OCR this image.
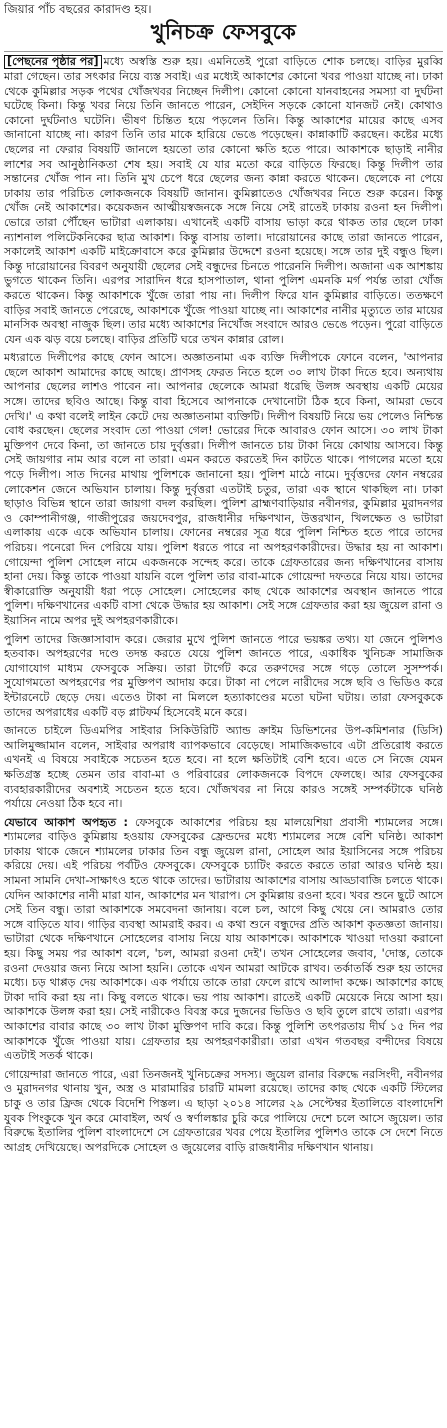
জিয়ার পাঁচ বছরের কারাদণ্ড হয়।
খুনিচক্র ফেসবুকে

[পেছনের পৃষ্ঠার পর] মধ্যে অস্বস্তি শুরু হয়। এমনিতেই পুরো বাড়িতে শোক চলছে। বাড়ির মুরব্বি মারা গেছেন। তার সৎকার নিয়ে ব্যস্ত সবাই। এর মধ্যেই আকাশের কোনো খবর পাওয়া যাচ্ছে না। ঢাকা থেকে কুমিল্লার সড়ক পথের খোঁজখবর নিচ্ছেন দিলীপ। কোনো কোনো যানবাহনের সমস্যা বা দুর্ঘটনা ঘটেছে কিনা। কিন্তু খবর নিয়ে তিনি জানতে পারেন, সেইদিন সড়কে কোনো যানজট নেই। কোথাও কোনো দুর্ঘটনাও ঘটেনি। ভীষণ চিন্তিত হয়ে পড়লেন তিনি। কিন্তু আকাশের মায়ের কাছে এসব জানানো যাচ্ছে না। কারণ তিনি তার মাকে হারিয়ে ভেঙে পড়েছেন। কান্নাকাটি করছেন। কষ্টের মধ্যে ছেলের না ফেরার বিষয়টি জানলে হয়তো তার কোনো ক্ষতি হতে পারে। আকাশকে ছাড়াই নানীর লাশের সব আনুষ্ঠানিকতা শেষ হয়। সবাই যে যার মতো করে বাড়িতে ফিরছে। কিন্তু দিলীপ তার সন্তানের খোঁজ পান না। তিনি মুখ চেপে ধরে ছেলের জন্য কান্না করতে থাকেন। ছেলেকে না পেয়ে ঢাকায় তার পরিচিত লোকজনকে বিষয়টি জানান। কুমিল্লাতেও খোঁজখবর নিতে শুরু করেন। কিন্তু খোঁজ নেই আকাশের। কয়েকজন আত্মীয়স্বজনকে সঙ্গে নিয়ে সেই রাতেই ঢাকায় রওনা হন দিলীপ। ভোরে তারা পৌঁছেন ভাটারা এলাকায়। এখানেই একটি বাসায় ভাড়া করে থাকত তার ছেলে ঢাকা ন্যাশনাল পলিটেকনিকের ছাত্র আকাশ। কিন্তু বাসায় তালা। দারোয়ানের কাছে তারা জানতে পারেন, সকালেই আকাশ একটি মাইক্রোবাসে করে কুমিল্লার উদ্দেশে রওনা হয়েছে। সঙ্গে তার দুই বন্ধুও ছিল। কিন্তু দারোয়ানের বিবরণ অনুযায়ী ছেলের সেই বন্ধুদের চিনতে পারেননি দিলীপ। অজানা এক আশঙ্কায় ভুগতে থাকেন তিনি। এরপর সারাদিন ধরে হাসপাতাল, থানা পুলিশ এমনকি মর্গ পর্যন্ত তারা খোঁজ করতে থাকেন। কিন্তু আকাশকে খুঁজে তারা পায় না। দিলীপ ফিরে যান কুমিল্লার বাড়িতে। ততক্ষণে বাড়ির সবাই জানতে পেরেছে, আকাশকে খুঁজে পাওয়া যাচ্ছে না। আকাশের নানীর মৃত্যুতে তার মায়ের মানসিক অবস্থা নাজুক ছিল। তার মধ্যে আকাশের নিখোঁজ সংবাদে আরও ভেঙে পড়েন। পুরো বাড়িতে যেন এক ঝড় বয়ে চলছে। বাড়ির প্রতিটি ঘরে তখন কান্নার রোল।

মধ্যরাতে দিলীপের কাছে ফোন আসে। অজ্ঞাতনামা এক ব্যক্তি দিলীপকে ফোনে বলেন, 'আপনার ছেলে আকাশ আমাদের কাছে আছে। প্রাণসহ ফেরত নিতে হলে ৩০ লাখ টাকা দিতে হবে। অন্যথায় আপনার ছেলের লাশও পাবেন না। আপনার ছেলেকে আমরা ধরেছি উলঙ্গ অবস্থায় একটি মেয়ের সঙ্গে। তাদের ছবিও আছে। কিন্তু বাবা হিসেবে আপনাকে দেখানোটা ঠিক হবে কিনা, আমরা ভেবে দেখি।' এ কথা বলেই লাইন কেটে দেয় অজ্ঞাতনামা ব্যক্তিটি। দিলীপ বিষয়টি নিয়ে ভয় পেলেও নিশ্চিন্ত বোধ করছেন। ছেলের সংবাদ তো পাওয়া গেল! ভোরের দিকে আবারও ফোন আসে। ৩০ লাখ টাকা মুক্তিপণ দেবে কিনা, তা জানতে চায় দুর্বৃত্তরা। দিলীপ জানতে চায় টাকা নিয়ে কোথায় আসবে। কিন্তু সেই জায়গার নাম আর বলে না তারা। এমন করতে করতেই দিন কাটতে থাকে। পাগলের মতো হয়ে পড়ে দিলীপ। সাত দিনের মাথায় পুলিশকে জানানো হয়। পুলিশ মাঠে নামে। দুর্বৃত্তদের ফোন নম্বরের লোকেশন জেনে অভিযান চালায়। কিন্তু দুর্বৃত্তরা এতটাই চতুর, তারা এক স্থানে থাকছিল না। ঢাকা ছাড়াও বিভিন্ন স্থানে তারা জায়গা বদল করছিল। পুলিশ ব্রাহ্মণবাড়িয়ার নবীনগর, কুমিল্লার মুরাদনগর ও কোম্পানীগঞ্জ, গাজীপুরের জয়দেবপুর, রাজধানীর দক্ষিণখান, উত্তরখান, খিলক্ষেত ও ভাটারা এলাকায় একে একে অভিযান চালায়। ফোনের নম্বরের সূত্র ধরে পুলিশ নিশ্চিত হতে পারে তাদের পরিচয়। পনেরো দিন পেরিয়ে যায়। পুলিশ ধরতে পারে না অপহরণকারীদের। উদ্ধার হয় না আকাশ। গোয়েন্দা পুলিশ সোহেল নামে একজনকে সন্দেহ করে। তাকে গ্রেফতারের জন্য দক্ষিণখানের বাসায় হানা দেয়। কিন্তু তাকে পাওয়া যায়নি বলে পুলিশ তার বাবা-মাকে গোয়েন্দা দফতরে নিয়ে যায়। তাদের স্বীকারোক্তি অনুযায়ী ধরা পড়ে সোহেল। সোহেলের কাছ থেকে আকাশের অবস্থান জানতে পারে পুলিশ। দক্ষিণখানের একটি বাসা থেকে উদ্ধার হয় আকাশ। সেই সঙ্গে গ্রেফতার করা হয় জুয়েল রানা ও ইয়াসিন নামে অপর দুই অপহরণকারীকে।

পুলিশ তাদের জিজ্ঞাসাবাদ করে। জেরার মুখে পুলিশ জানতে পারে ভয়ঙ্কর তথ্য। যা জেনে পুলিশও হতবাক। অপহরণের দণ্ডে তদন্ত করতে যেয়ে পুলিশ জানতে পারে, একাধিক খুনিচক্র সামাজিক যোগাযোগ মাধ্যম ফেসবুকে সক্রিয়। তারা টার্গেট করে তরুণদের সঙ্গে গড়ে তোলে সুসম্পর্ক। সুযোগমতো অপহরণের পর মুক্তিপণ আদায় করে। টাকা না পেলে নারীদের সঙ্গে ছবি ও ভিডিও করে ইন্টারনেটে ছেড়ে দেয়। এতেও টাকা না মিললে হত্যাকাণ্ডের মতো ঘটনা ঘটায়। তারা ফেসবুককে তাদের অপরাধের একটি বড় প্লাটফর্ম হিসেবেই মনে করে।

জানতে চাইলে ডিএমপির সাইবার সিকিউরিটি অ্যান্ড ক্রাইম ডিভিশনের উপ-কমিশনার (ডিসি) আলিমুজ্জামান বলেন, সাইবার অপরাধ ব্যাপকভাবে বেড়েছে। সামাজিকভাবে এটা প্রতিরোধ করতে এখনই এ বিষয়ে সবাইকে সচেতন হতে হবে। না হলে ক্ষতিটাই বেশি হবে। এতে সে নিজে যেমন ক্ষতিগ্রস্ত হচ্ছে তেমন তার বাবা-মা ও পরিবারের লোকজনকে বিপদে ফেলছে। আর ফেসবুকের ব্যবহারকারীদের অবশ্যই সচেতন হতে হবে। খোঁজখবর না নিয়ে কারও সঙ্গেই সম্পর্কটাকে ঘনিষ্ঠ পর্যায়ে নেওয়া ঠিক হবে না।

যেভাবে আকাশ অপহৃত : ফেসবুকে আকাশের পরিচয় হয় মালয়েশিয়া প্রবাসী শ্যামলের সঙ্গে। শ্যামলের বাড়িও কুমিল্লায় হওয়ায় ফেসবুকের ফ্রেন্ডদের মধ্যে শ্যামলের সঙ্গে বেশি ঘনিষ্ঠ। আকাশ ঢাকায় থাকে জেনে শ্যামলের ঢাকার তিন বন্ধু জুয়েল রানা, সোহেল আর ইয়াসিনের সঙ্গে পরিচয় করিয়ে দেয়। এই পরিচয় পর্বটিও ফেসবুকে। ফেসবুকে চ্যাটিং করতে করতে তারা আরও ঘনিষ্ঠ হয়। সামনা সামনি দেখা-সাক্ষাৎও হতে থাকে তাদের। ভাটারায় আকাশের বাসায় আড্ডাবাজি চলতে থাকে। যেদিন আকাশের নানী মারা যান, আকাশের মন খারাপ। সে কুমিল্লায় রওনা হবে। খবর শুনে ছুটে আসে সেই তিন বন্ধু। তারা আকাশকে সমবেদনা জানায়। বলে চল, আগে কিছু খেয়ে নে। আমরাও তোর সঙ্গে বাড়িতে যাব। গাড়ির ব্যবস্থা আমরাই করব। এ কথা শুনে বন্ধুদের প্রতি আকাশ কৃতজ্ঞতা জানায়। ভাটারা থেকে দক্ষিণখানে সোহেলের বাসায় নিয়ে যায় আকাশকে। আকাশকে খাওয়া দাওয়া করানো হয়। কিছু সময় পর আকাশ বলে, 'চল, আমরা রওনা দেই'। তখন সোহেলের জবাব, 'দোস্ত, তোকে রওনা দেওয়ার জন্য নিয়ে আসা হয়নি। তোকে এখন আমরা আটকে রাখব। তর্কাতর্কি শুরু হয় তাদের মধ্যে। চড় থাপ্পড় দেয় আকাশকে। এক পর্যায়ে তাকে তারা ফেলে রাখে আলাদা কক্ষে। আকাশের কাছে টাকা দাবি করা হয় না। কিছু বলতে থাকে। ভয় পায় আকাশ। রাতেই একটি মেয়েকে নিয়ে আসা হয়। আকাশকে উলঙ্গ করা হয়। সেই নারীকেও বিবস্ত্র করে দুজনের ভিডিও ও ছবি তুলে রাখে তারা। এরপর আকাশের বাবার কাছে ৩০ লাখ টাকা মুক্তিপণ দাবি করে। কিন্তু পুলিশি তৎপরতায় দীর্ঘ ১৫ দিন পর আকাশকে খুঁজে পাওয়া যায়। গ্রেফতার হয় অপহরণকারীরা। তারা এখন গতবছর বন্দীদের বিষয়ে এতটাই সতর্ক থাকে।

গোয়েন্দারা জানতে পারে, এরা তিনজনই খুনিচক্রের সদস্য। জুয়েল রানার বিরুদ্ধে নরসিংদী, নবীনগর ও মুরাদনগর থানায় খুন, অস্ত্র ও মারামারির চারটি মামলা রয়েছে। তাদের কাছ থেকে একটি স্টিলের চাকু ও তার ফ্রিজ থেকে বিদেশি পিস্তল। এ ছাড়া ২০১৪ সালের ২৯ সেপ্টেম্বর ইতালিতে বাংলাদেশি যুবক পিংকুকে খুন করে মোবাইল, অর্থ ও স্বর্ণালঙ্কার চুরি করে পালিয়ে দেশে চলে আসে জুয়েল। তার বিরুদ্ধে ইতালির পুলিশ বাংলাদেশে সে গ্রেফতারের খবর পেয়ে ইতালির পুলিশও তাকে সে দেশে নিতে আগ্রহ দেখিয়েছে। অপরদিকে সোহেল ও জুয়েলের বাড়ি রাজধানীর দক্ষিণখান থানায়।
